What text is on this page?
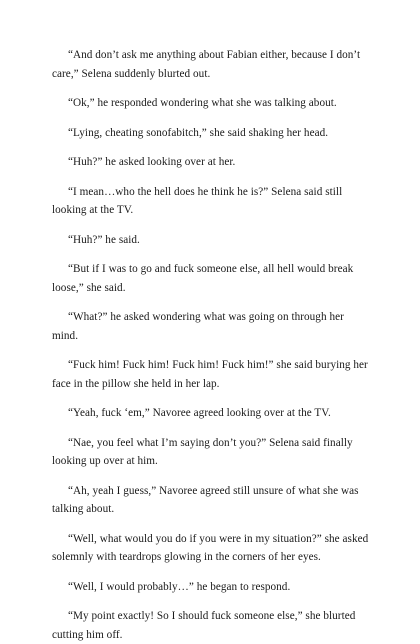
“And don’t ask me anything about Fabian either, because I don’t care,” Selena suddenly blurted out.

“Ok,” he responded wondering what she was talking about.

“Lying, cheating sonofabitch,” she said shaking her head.

“Huh?” he asked looking over at her.

“I mean…who the hell does he think he is?” Selena said still looking at the TV.

“Huh?” he said.

“But if I was to go and fuck someone else, all hell would break loose,” she said.

“What?” he asked wondering what was going on through her mind.

“Fuck him! Fuck him! Fuck him! Fuck him!” she said burying her face in the pillow she held in her lap.

“Yeah, fuck ‘em,” Navoree agreed looking over at the TV.

“Nae, you feel what I’m saying don’t you?” Selena said finally looking up over at him.

“Ah, yeah I guess,” Navoree agreed still unsure of what she was talking about.

“Well, what would you do if you were in my situation?” she asked solemnly with teardrops glowing in the corners of her eyes.

“Well, I would probably…” he began to respond.

“My point exactly! So I should fuck someone else,” she blurted cutting him off.
